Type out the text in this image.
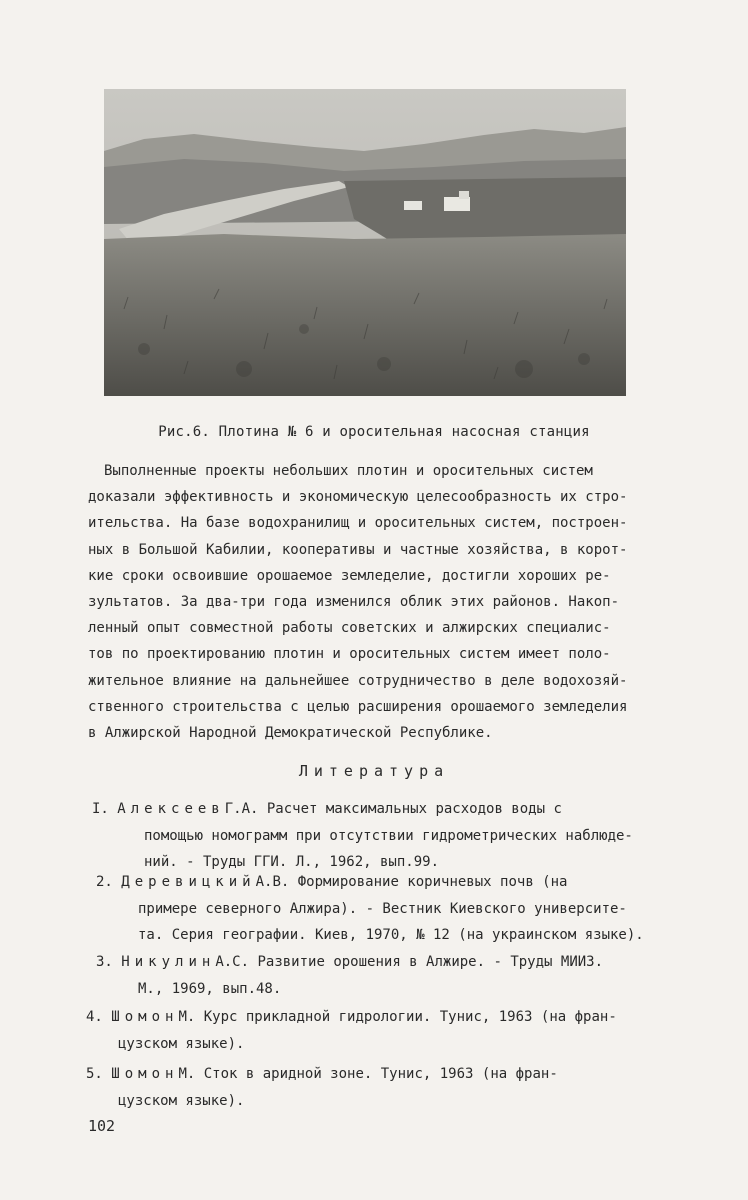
Рис.6. Плотина № 6 и оросительная насосная станция
Выполненные проекты небольших плотин и оросительных систем
доказали эффективность и экономическую целесообразность их стро-
ительства. На базе водохранилищ и оросительных систем, построен-
ных в Большой Кабилии, кооперативы и частные хозяйства, в корот-
кие сроки освоившие орошаемое земледелие, достигли хороших ре-
зультатов. За два-три года изменился облик этих районов. Накоп-
ленный опыт совместной работы советских и алжирских специалис-
тов по проектированию плотин и оросительных систем имеет поло-
жительное влияние на дальнейшее сотрудничество в деле водохозяй-
ственного строительства с целью расширения орошаемого земледелия
в Алжирской Народной Демократической Республике.
Литература
I. АлексеевГ.А. Расчет максимальных расходов воды с
помощью номограмм при отсутствии гидрометрических наблюде-
ний. - Труды ГГИ. Л., 1962, вып.99.
2. ДеревицкийА.В. Формирование коричневых почв (на
примере северного Алжира). - Вестник Киевского университе-
та. Серия географии. Киев, 1970, № 12 (на украинском языке).
3. НикулинА.С. Развитие орошения в Алжире. - Труды МИИЗ.
М., 1969, вып.48.
4. ШомонМ. Курс прикладной гидрологии. Тунис, 1963 (на фран-
цузском языке).
5. ШомонМ. Сток в аридной зоне. Тунис, 1963 (на фран-
цузском языке).
102
